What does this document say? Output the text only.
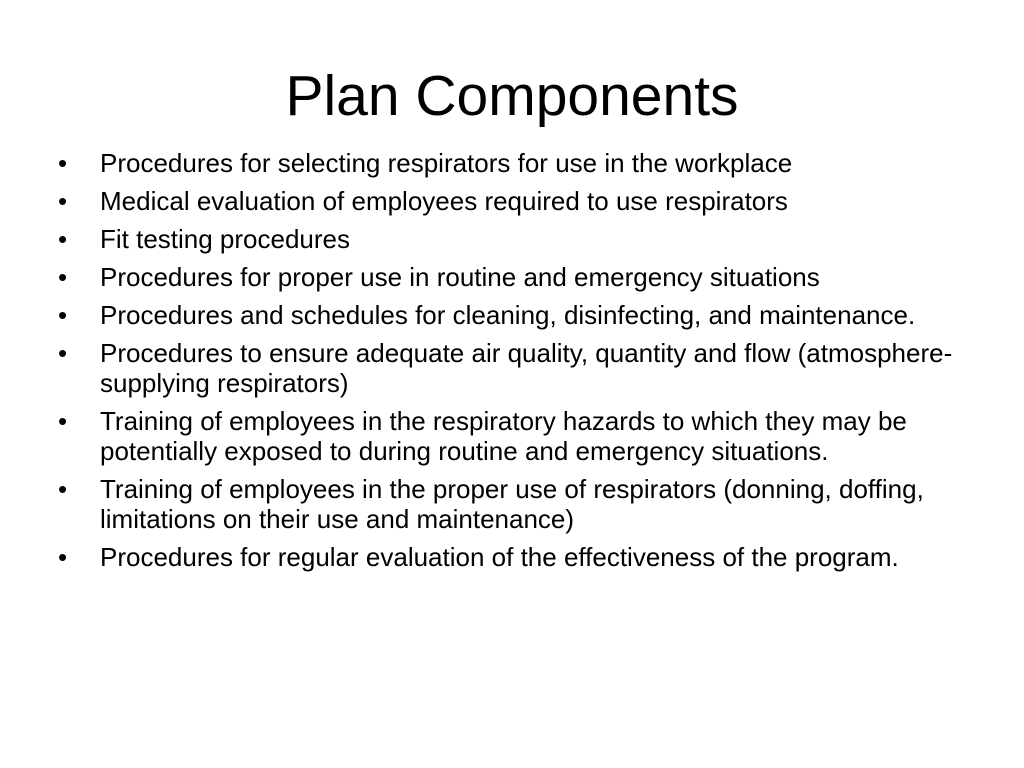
Plan Components
•	Procedures for selecting respirators for use in the workplace
•	Medical evaluation of employees required to use respirators
•	Fit testing procedures
•	Procedures for proper use in routine and emergency situations
•	Procedures and schedules for cleaning, disinfecting, and maintenance.
•	Procedures to ensure adequate air quality, quantity and flow (atmosphere-supplying respirators)
•	Training of employees in the respiratory hazards to which they may be potentially exposed to during routine and emergency situations.
•	Training of employees in the proper use of respirators (donning, doffing, limitations on their use and maintenance)
•	Procedures for regular evaluation of the effectiveness of the program.
